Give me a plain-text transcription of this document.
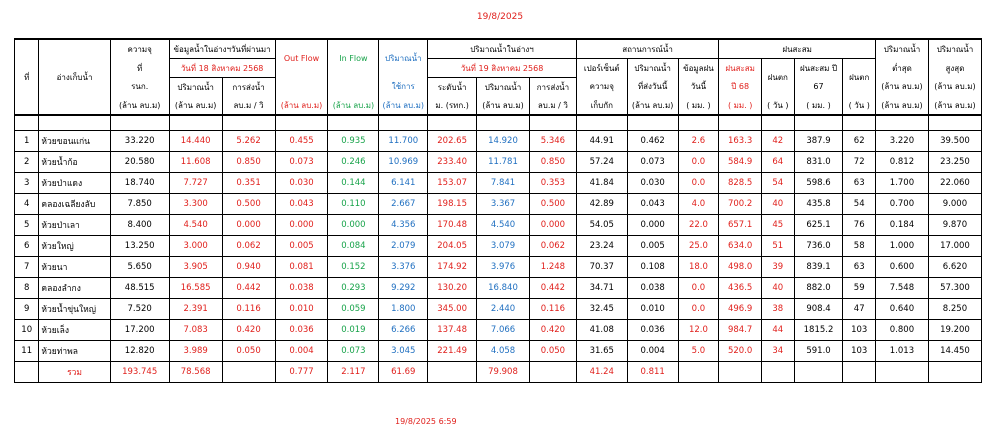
19/8/2025
ที่	อ่างเก็บน้ำ	ความจุ	ข้อมูลน้ำในอ่างฯวันที่ผ่านมา		Out Flow	In Flow	ปริมาณน้ำ	ปริมาณน้ำในอ่างฯ			สถานการณ์น้ำ			ฝนสะสม				ปริมาณน้ำ	ปริมาณน้ำ
		ที่	วันที่ 18 สิงหาคม 2568					วันที่ 19 สิงหาคม 2568			เปอร์เซ็นต์	ปริมาณน้ำ	ข้อมูลฝน	ฝนสะสม	ฝนตก	ฝนสะสม ปี	ฝนตก	ต่ำสุด	สูงสุด
		รนก.	ปริมาณน้ำ	การส่งน้ำ			ใช้การ	ระดับน้ำ	ปริมาณน้ำ	การส่งน้ำ	ความจุ	ที่ส่งวันนี้	วันนี้	ปี 68		67		(ล้าน ลบ.ม)	(ล้าน ลบ.ม)
		(ล้าน ลบ.ม)	(ล้าน ลบ.ม)	ลบ.ม / วิ	(ล้าน ลบ.ม)	(ล้าน ลบ.ม)	(ล้าน ลบ.ม)	ม. (รทก.)	(ล้าน ลบ.ม)	ลบ.ม / วิ	เก็บกัก	(ล้าน ลบ.ม)	( มม. )	( มม. )	( วัน )	( มม. )	( วัน )	(ล้าน ลบ.ม)	(ล้าน ลบ.ม)

1	ห้วยขอนแก่น	33.220	14.440	5.262	0.455	0.935	11.700	202.65	14.920	5.346	44.91	0.462	2.6	163.3	42	387.9	62	3.220	39.500
2	ห้วยน้ำก้อ	20.580	11.608	0.850	0.073	0.246	10.969	233.40	11.781	0.850	57.24	0.073	0.0	584.9	64	831.0	72	0.812	23.250
3	ห้วยป่าแดง	18.740	7.727	0.351	0.030	0.144	6.141	153.07	7.841	0.353	41.84	0.030	0.0	828.5	54	598.6	63	1.700	22.060
4	คลองเฉลียงลับ	7.850	3.300	0.500	0.043	0.110	2.667	198.15	3.367	0.500	42.89	0.043	4.0	700.2	40	435.8	54	0.700	9.000
5	ห้วยป่าเลา	8.400	4.540	0.000	0.000	0.000	4.356	170.48	4.540	0.000	54.05	0.000	22.0	657.1	45	625.1	76	0.184	9.870
6	ห้วยใหญ่	13.250	3.000	0.062	0.005	0.084	2.079	204.05	3.079	0.062	23.24	0.005	25.0	634.0	51	736.0	58	1.000	17.000
7	ห้วยนา	5.650	3.905	0.940	0.081	0.152	3.376	174.92	3.976	1.248	70.37	0.108	18.0	498.0	39	839.1	63	0.600	6.620
8	คลองลำกง	48.515	16.585	0.442	0.038	0.293	9.292	130.20	16.840	0.442	34.71	0.038	0.0	436.5	40	882.0	59	7.548	57.300
9	ห้วยน้ำขุ่นใหญ่	7.520	2.391	0.116	0.010	0.059	1.800	345.00	2.440	0.116	32.45	0.010	0.0	496.9	38	908.4	47	0.640	8.250
10	ห้วยเล็ง	17.200	7.083	0.420	0.036	0.019	6.266	137.48	7.066	0.420	41.08	0.036	12.0	984.7	44	1815.2	103	0.800	19.200
11	ห้วยท่าพล	12.820	3.989	0.050	0.004	0.073	3.045	221.49	4.058	0.050	31.65	0.004	5.0	520.0	34	591.0	103	1.013	14.450
	รวม	193.745	78.568		0.777	2.117	61.69		79.908		41.24	0.811							
19/8/2025 6:59
